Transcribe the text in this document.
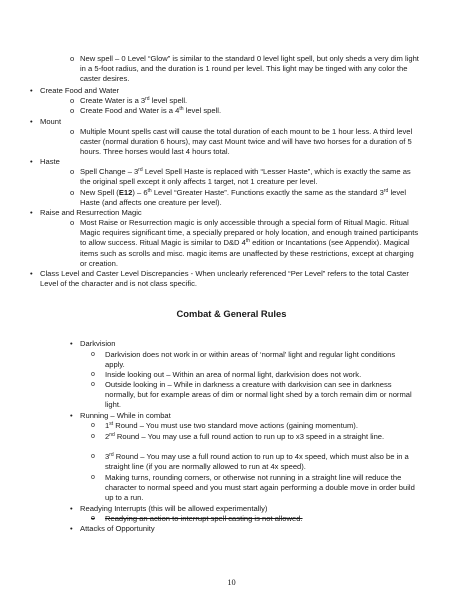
o New spell – 0 Level “Glow” is similar to the standard 0 level light spell, but only sheds a very dim light in a 5-foot radius, and the duration is 1 round per level. This light may be tinged with any color the caster desires.
• Create Food and Water
o Create Water is a 3rd level spell.
o Create Food and Water is a 4th level spell.
• Mount
o Multiple Mount spells cast will cause the total duration of each mount to be 1 hour less. A third level caster (normal duration 6 hours), may cast Mount twice and will have two horses for a duration of 5 hours. Three horses would last 4 hours total.
• Haste
o Spell Change – 3rd Level Spell Haste is replaced with “Lesser Haste”, which is exactly the same as the original spell except it only affects 1 target, not 1 creature per level.
o New Spell (E12) – 6th Level “Greater Haste”. Functions exactly the same as the standard 3rd level Haste (and affects one creature per level).
• Raise and Resurrection Magic
o Most Raise or Resurrection magic is only accessible through a special form of Ritual Magic. Ritual Magic requires significant time, a specially prepared or holy location, and enough trained participants to allow success. Ritual Magic is similar to D&D 4th edition or Incantations (see Appendix). Magical items such as scrolls and misc. magic items are unaffected by these restrictions, except at charging or creation.
• Class Level and Caster Level Discrepancies - When unclearly referenced “Per Level” refers to the total Caster Level of the character and is not class specific.
Combat & General Rules
• Darkvision
o Darkvision does not work in or within areas of ‘normal’ light and regular light conditions apply.
o Inside looking out – Within an area of normal light, darkvision does not work.
o Outside looking in – While in darkness a creature with darkvision can see in darkness normally, but for example areas of dim or normal light shed by a torch remain dim or normal light.
• Running – While in combat
o 1st Round – You must use two standard move actions (gaining momentum).
o 2nd Round – You may use a full round action to run up to x3 speed in a straight line.
o 3rd Round – You may use a full round action to run up to 4x speed, which must also be in a straight line (if you are normally allowed to run at 4x speed).
o Making turns, rounding corners, or otherwise not running in a straight line will reduce the character to normal speed and you must start again performing a double move in order build up to a run.
• Readying Interrupts (this will be allowed experimentally)
o Readying an action to interrupt spell casting is not allowed.
• Attacks of Opportunity
10
